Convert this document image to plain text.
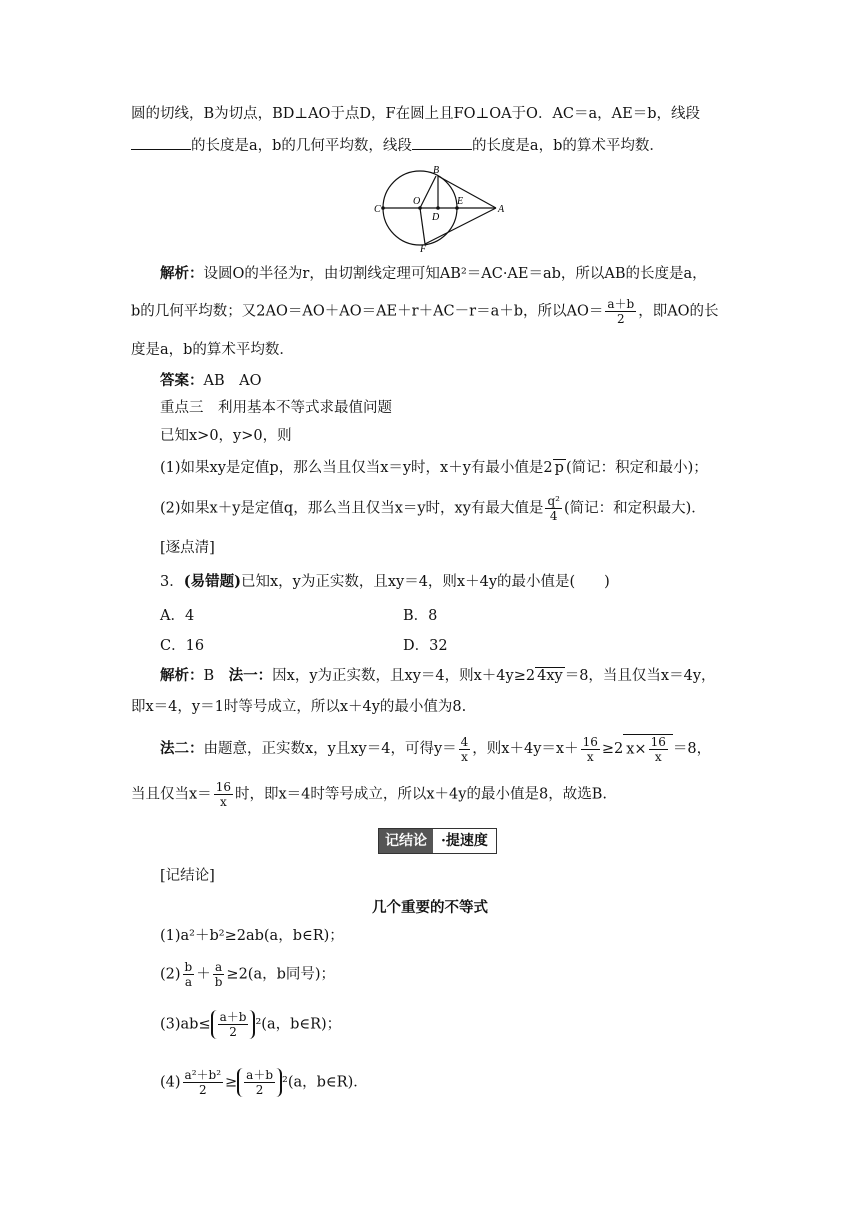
圆的切线，B为切点，BD⊥AO于点D，F在圆上且FO⊥OA于O．AC＝a，AE＝b，线段
的长度是a，b的几何平均数，线段	的长度是a，b的算术平均数．
B
C
O
D
E
A
F
解析：设圆O的半径为r，由切割线定理可知AB²＝AC·AE＝ab，所以AB的长度是a，
b的几何平均数；又2AO＝AO＋AO＝AE＋r＋AC－r＝a＋b，所以$AO= \frac{a+b}{2}$ ，即AO的长
度是a，b的算术平均数．
答案：AB　AO
重点三　利用基本不等式求最值问题
已知x>0，y>0，则
(1)如果xy是定值p，那么当且仅当x＝y时，x＋y有最小值是2 p (简记：积定和最小)；
(2)如果x＋y是定值q，那么当且仅当x＝y时，xy有最大值是 $\frac{\text{q²}}{4}$ (简记：和定积最大)．
[逐点清]
3．(易错题)已知x，y为正实数，且xy＝4，则x＋4y的最小值是(　　)
A．4	B．8
C．16	D．32
解析：B　法一：因x，y为正实数，且xy＝4，则x＋4y≥2 4xy ＝8，当且仅当x＝4y，
即x＝4，y＝1时等号成立，所以x＋4y的最小值为8.
法二：由题意，正实数x，y且xy＝4，可得$y= \frac{4}{x}$ ，则$x+4y=x+ \frac{16}{x} \ge 2$ $x\times \frac{16}{x} =8$，
当且仅当$x= \frac{16}{x}$ 时，即x＝4时等号成立，所以x＋4y的最小值是8，故选B.
记结论	·提速度
[记结论]
几个重要的不等式
(1)a²＋b²≥2ab(a，b∈R)；
$(2) \frac{b}{a} + \frac{a}{b} \ge 2(a$，b同号)；
$(3)ab\le \frac{a+b}{2} ^2(a$，b∈R)；
$(4) \frac{\text{a²＋b²}}{2} \ge \frac{a+b}{2} ^2(a$，b∈R)．
